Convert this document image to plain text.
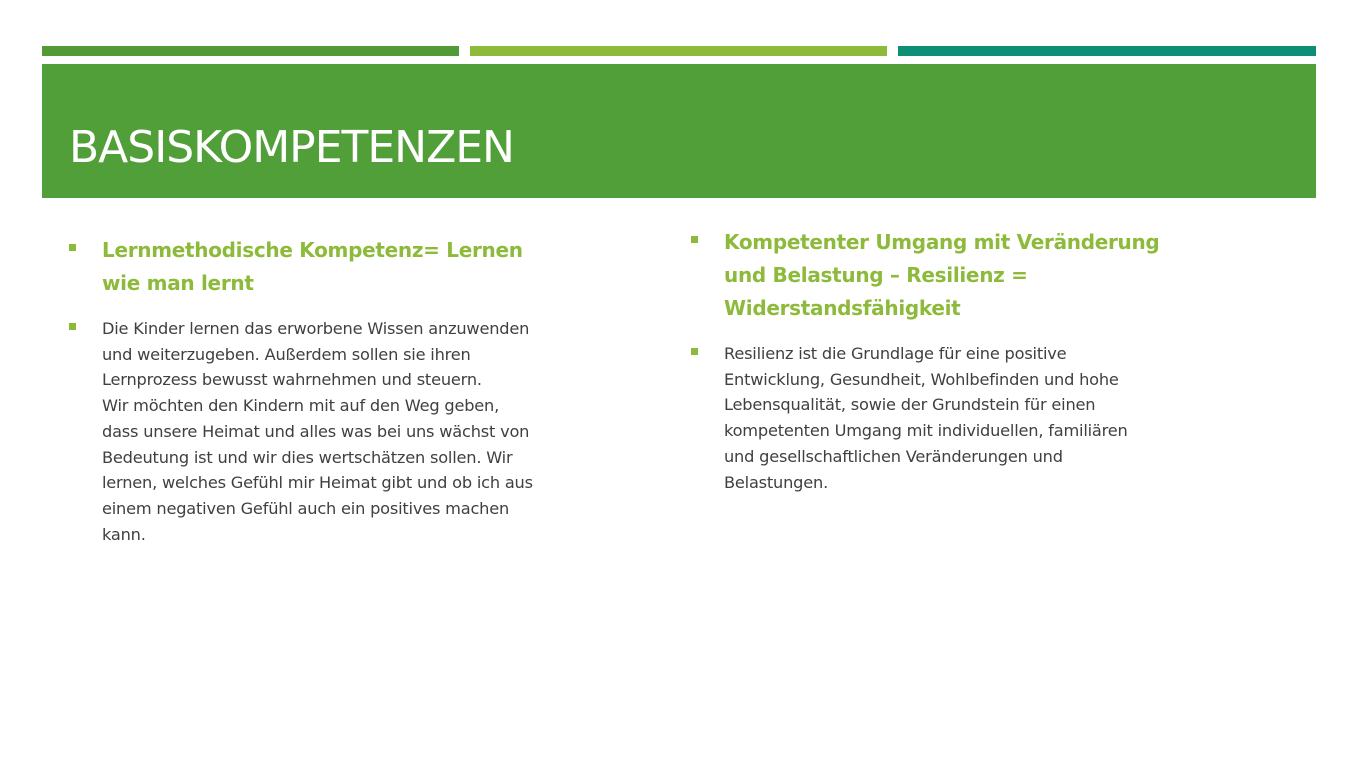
BASISKOMPETENZEN

Lernmethodische Kompetenz= Lernen wie man lernt

Die Kinder lernen das erworbene Wissen anzuwenden und weiterzugeben. Außerdem sollen sie ihren Lernprozess bewusst wahrnehmen und steuern.

Wir möchten den Kindern mit auf den Weg geben, dass unsere Heimat und alles was bei uns wächst von Bedeutung ist und wir dies wertschätzen sollen. Wir lernen, welches Gefühl mir Heimat gibt und ob ich aus einem negativen Gefühl auch ein positives machen kann.

Kompetenter Umgang mit Veränderung und Belastung – Resilienz = Widerstandsfähigkeit

Resilienz ist die Grundlage für eine positive Entwicklung, Gesundheit, Wohlbefinden und hohe Lebensqualität, sowie der Grundstein für einen kompetenten Umgang mit individuellen, familiären und gesellschaftlichen Veränderungen und Belastungen.
